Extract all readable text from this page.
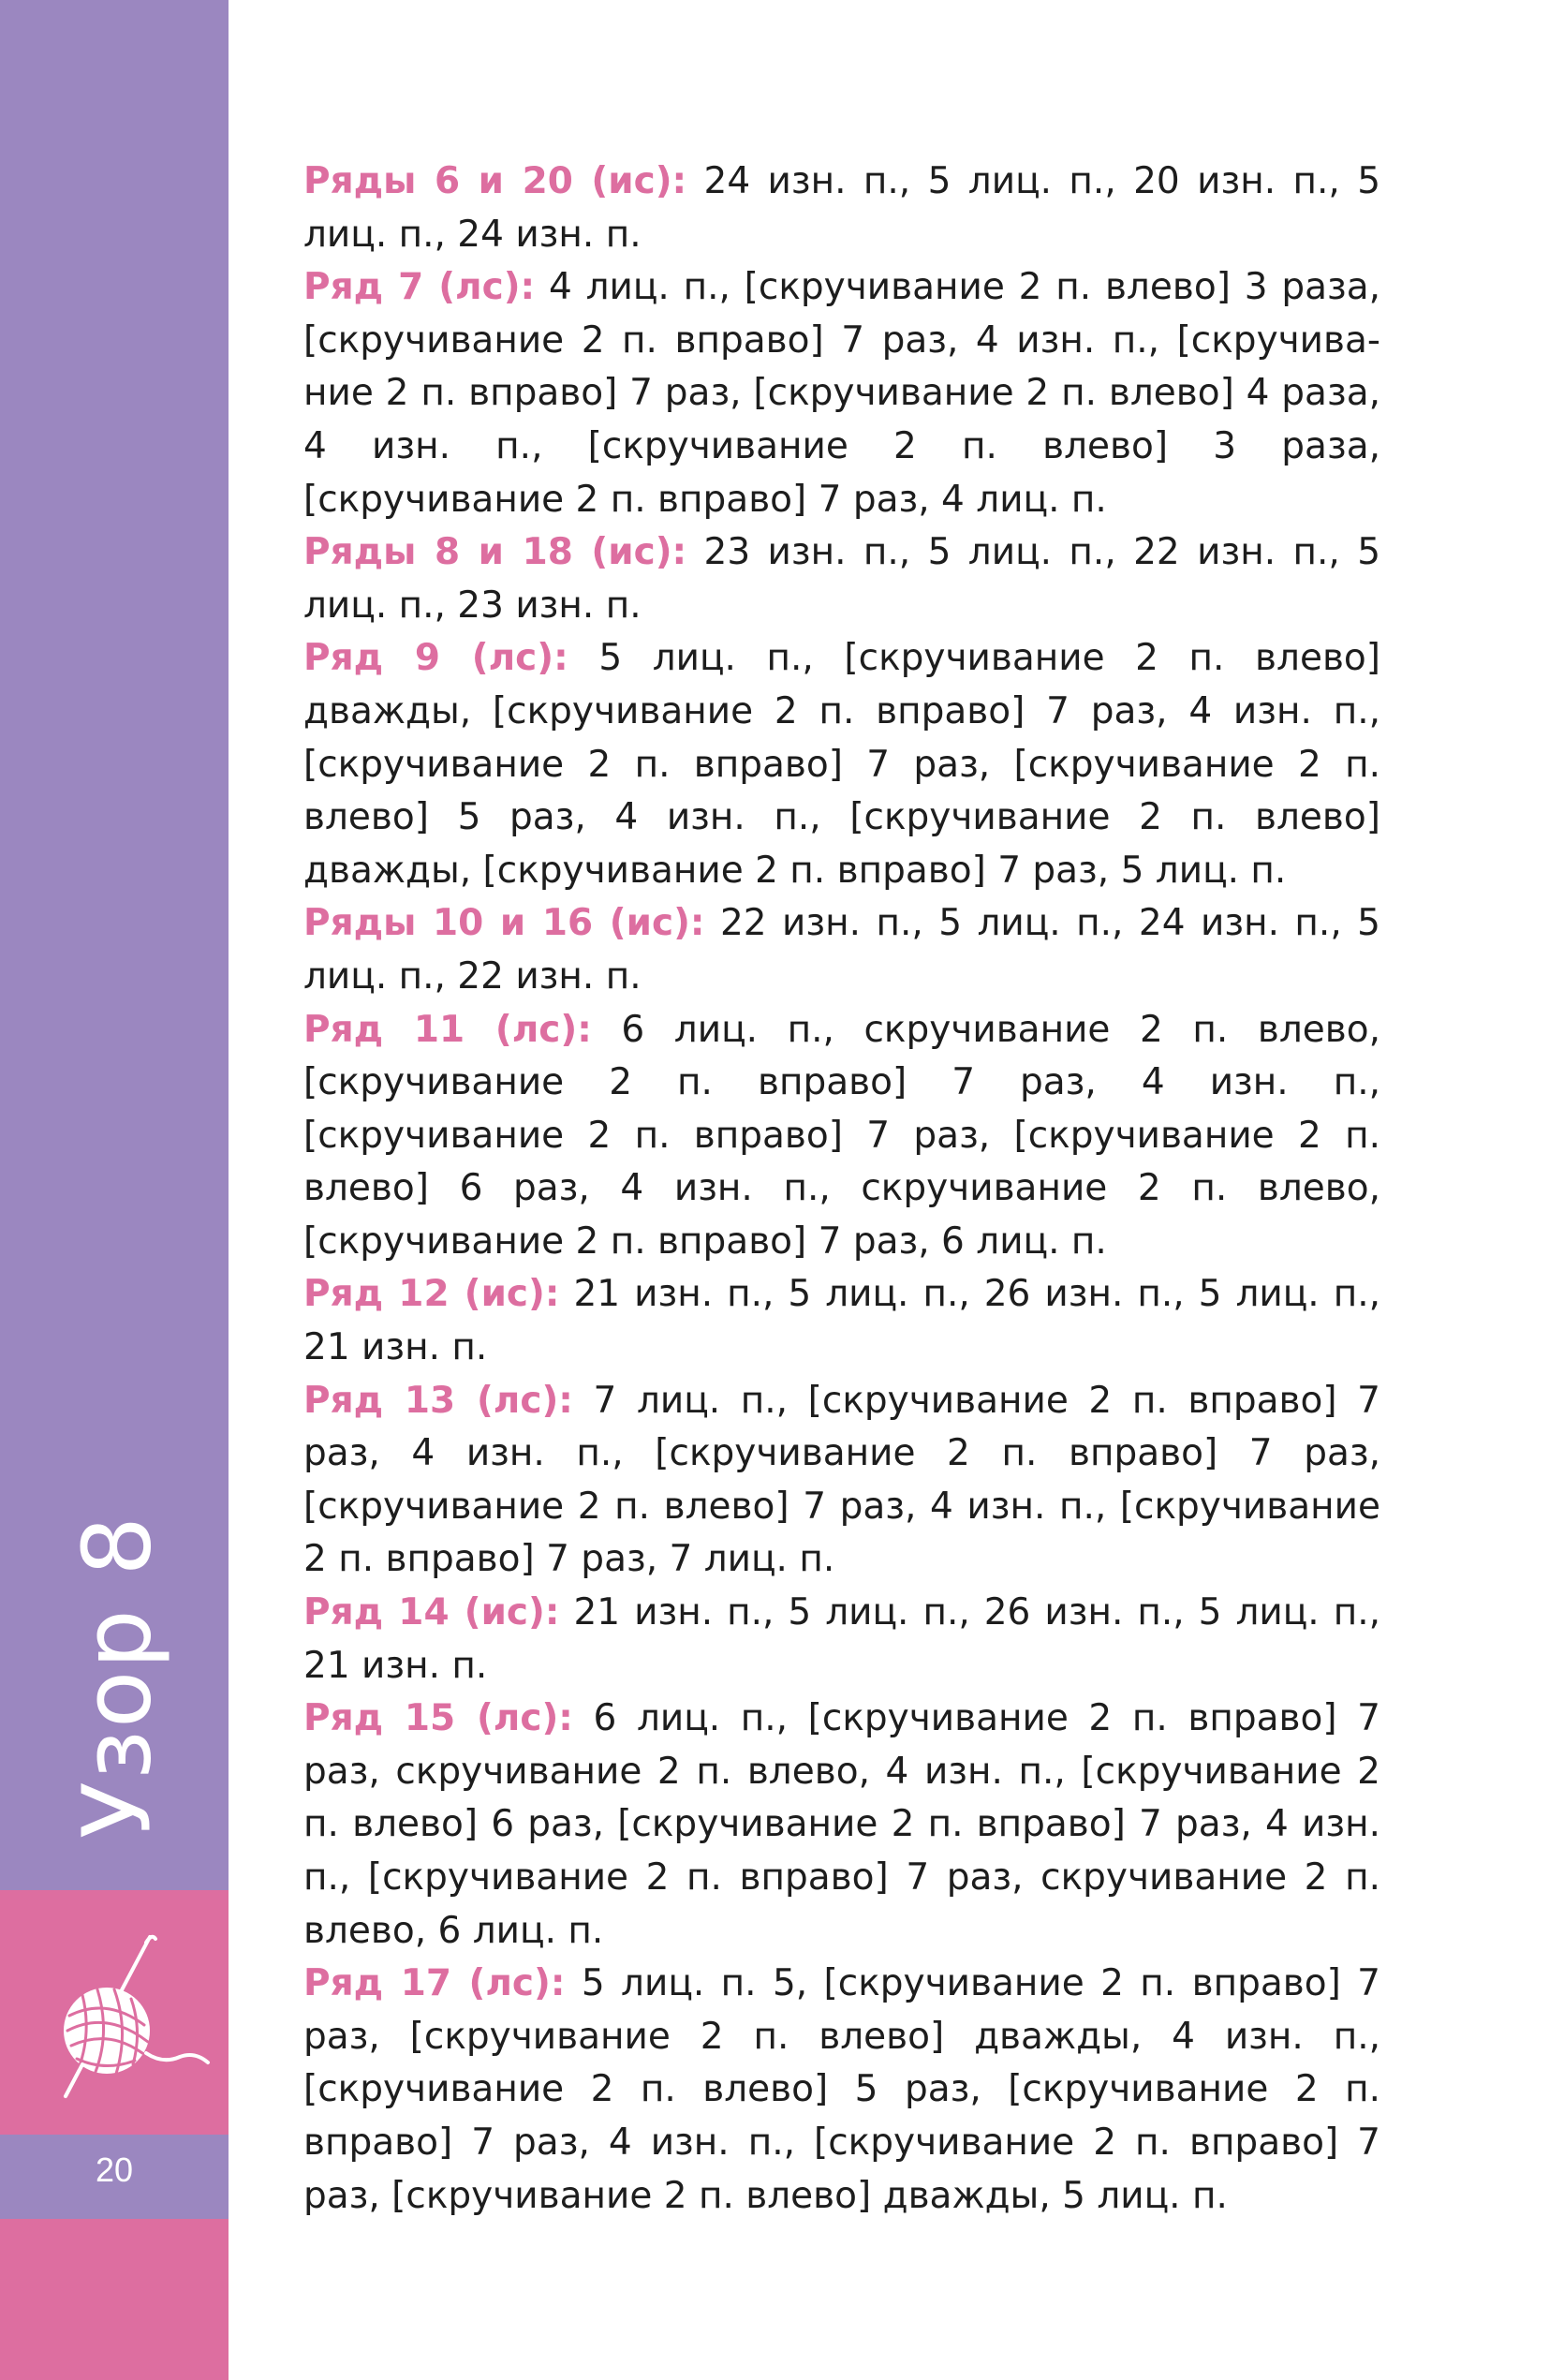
Узор 8
20

Ряды 6 и 20 (ис): 24 изн. п., 5 лиц. п., 20 изн. п., 5 лиц. п., 24 изн. п.

Ряд 7 (лс): 4 лиц. п., [скручивание 2 п. влево] 3 раза, [скручивание 2 п. вправо] 7 раз, 4 изн. п., [скручивание 2 п. вправо] 7 раз, [скручивание 2 п. влево] 4 раза, 4 изн. п., [скручивание 2 п. влево] 3 раза, [скручивание 2 п. вправо] 7 раз, 4 лиц. п.

Ряды 8 и 18 (ис): 23 изн. п., 5 лиц. п., 22 изн. п., 5 лиц. п., 23 изн. п.

Ряд 9 (лс): 5 лиц. п., [скручивание 2 п. влево] дважды, [скручивание 2 п. вправо] 7 раз, 4 изн. п., [скручивание 2 п. вправо] 7 раз, [скручивание 2 п. влево] 5 раз, 4 изн. п., [скручивание 2 п. влево] дважды, [скручивание 2 п. вправо] 7 раз, 5 лиц. п.

Ряды 10 и 16 (ис): 22 изн. п., 5 лиц. п., 24 изн. п., 5 лиц. п., 22 изн. п.

Ряд 11 (лс): 6 лиц. п., скручивание 2 п. влево, [скручивание 2 п. вправо] 7 раз, 4 изн. п., [скручивание 2 п. вправо] 7 раз, [скручивание 2 п. влево] 6 раз, 4 изн. п., скручивание 2 п. влево, [скручивание 2 п. вправо] 7 раз, 6 лиц. п.

Ряд 12 (ис): 21 изн. п., 5 лиц. п., 26 изн. п., 5 лиц. п., 21 изн. п.

Ряд 13 (лс): 7 лиц. п., [скручивание 2 п. вправо] 7 раз, 4 изн. п., [скручивание 2 п. вправо] 7 раз, [скручивание 2 п. влево] 7 раз, 4 изн. п., [скручивание 2 п. вправо] 7 раз, 7 лиц. п.

Ряд 14 (ис): 21 изн. п., 5 лиц. п., 26 изн. п., 5 лиц. п., 21 изн. п.

Ряд 15 (лс): 6 лиц. п., [скручивание 2 п. вправо] 7 раз, скручивание 2 п. влево, 4 изн. п., [скручивание 2 п. влево] 6 раз, [скручивание 2 п. вправо] 7 раз, 4 изн. п., [скручивание 2 п. вправо] 7 раз, скручивание 2 п. влево, 6 лиц. п.

Ряд 17 (лс): 5 лиц. п. 5, [скручивание 2 п. вправо] 7 раз, [скручивание 2 п. влево] дважды, 4 изн. п., [скручивание 2 п. влево] 5 раз, [скручивание 2 п. вправо] 7 раз, 4 изн. п., [скручивание 2 п. вправо] 7 раз, [скручивание 2 п. влево] дважды, 5 лиц. п.
